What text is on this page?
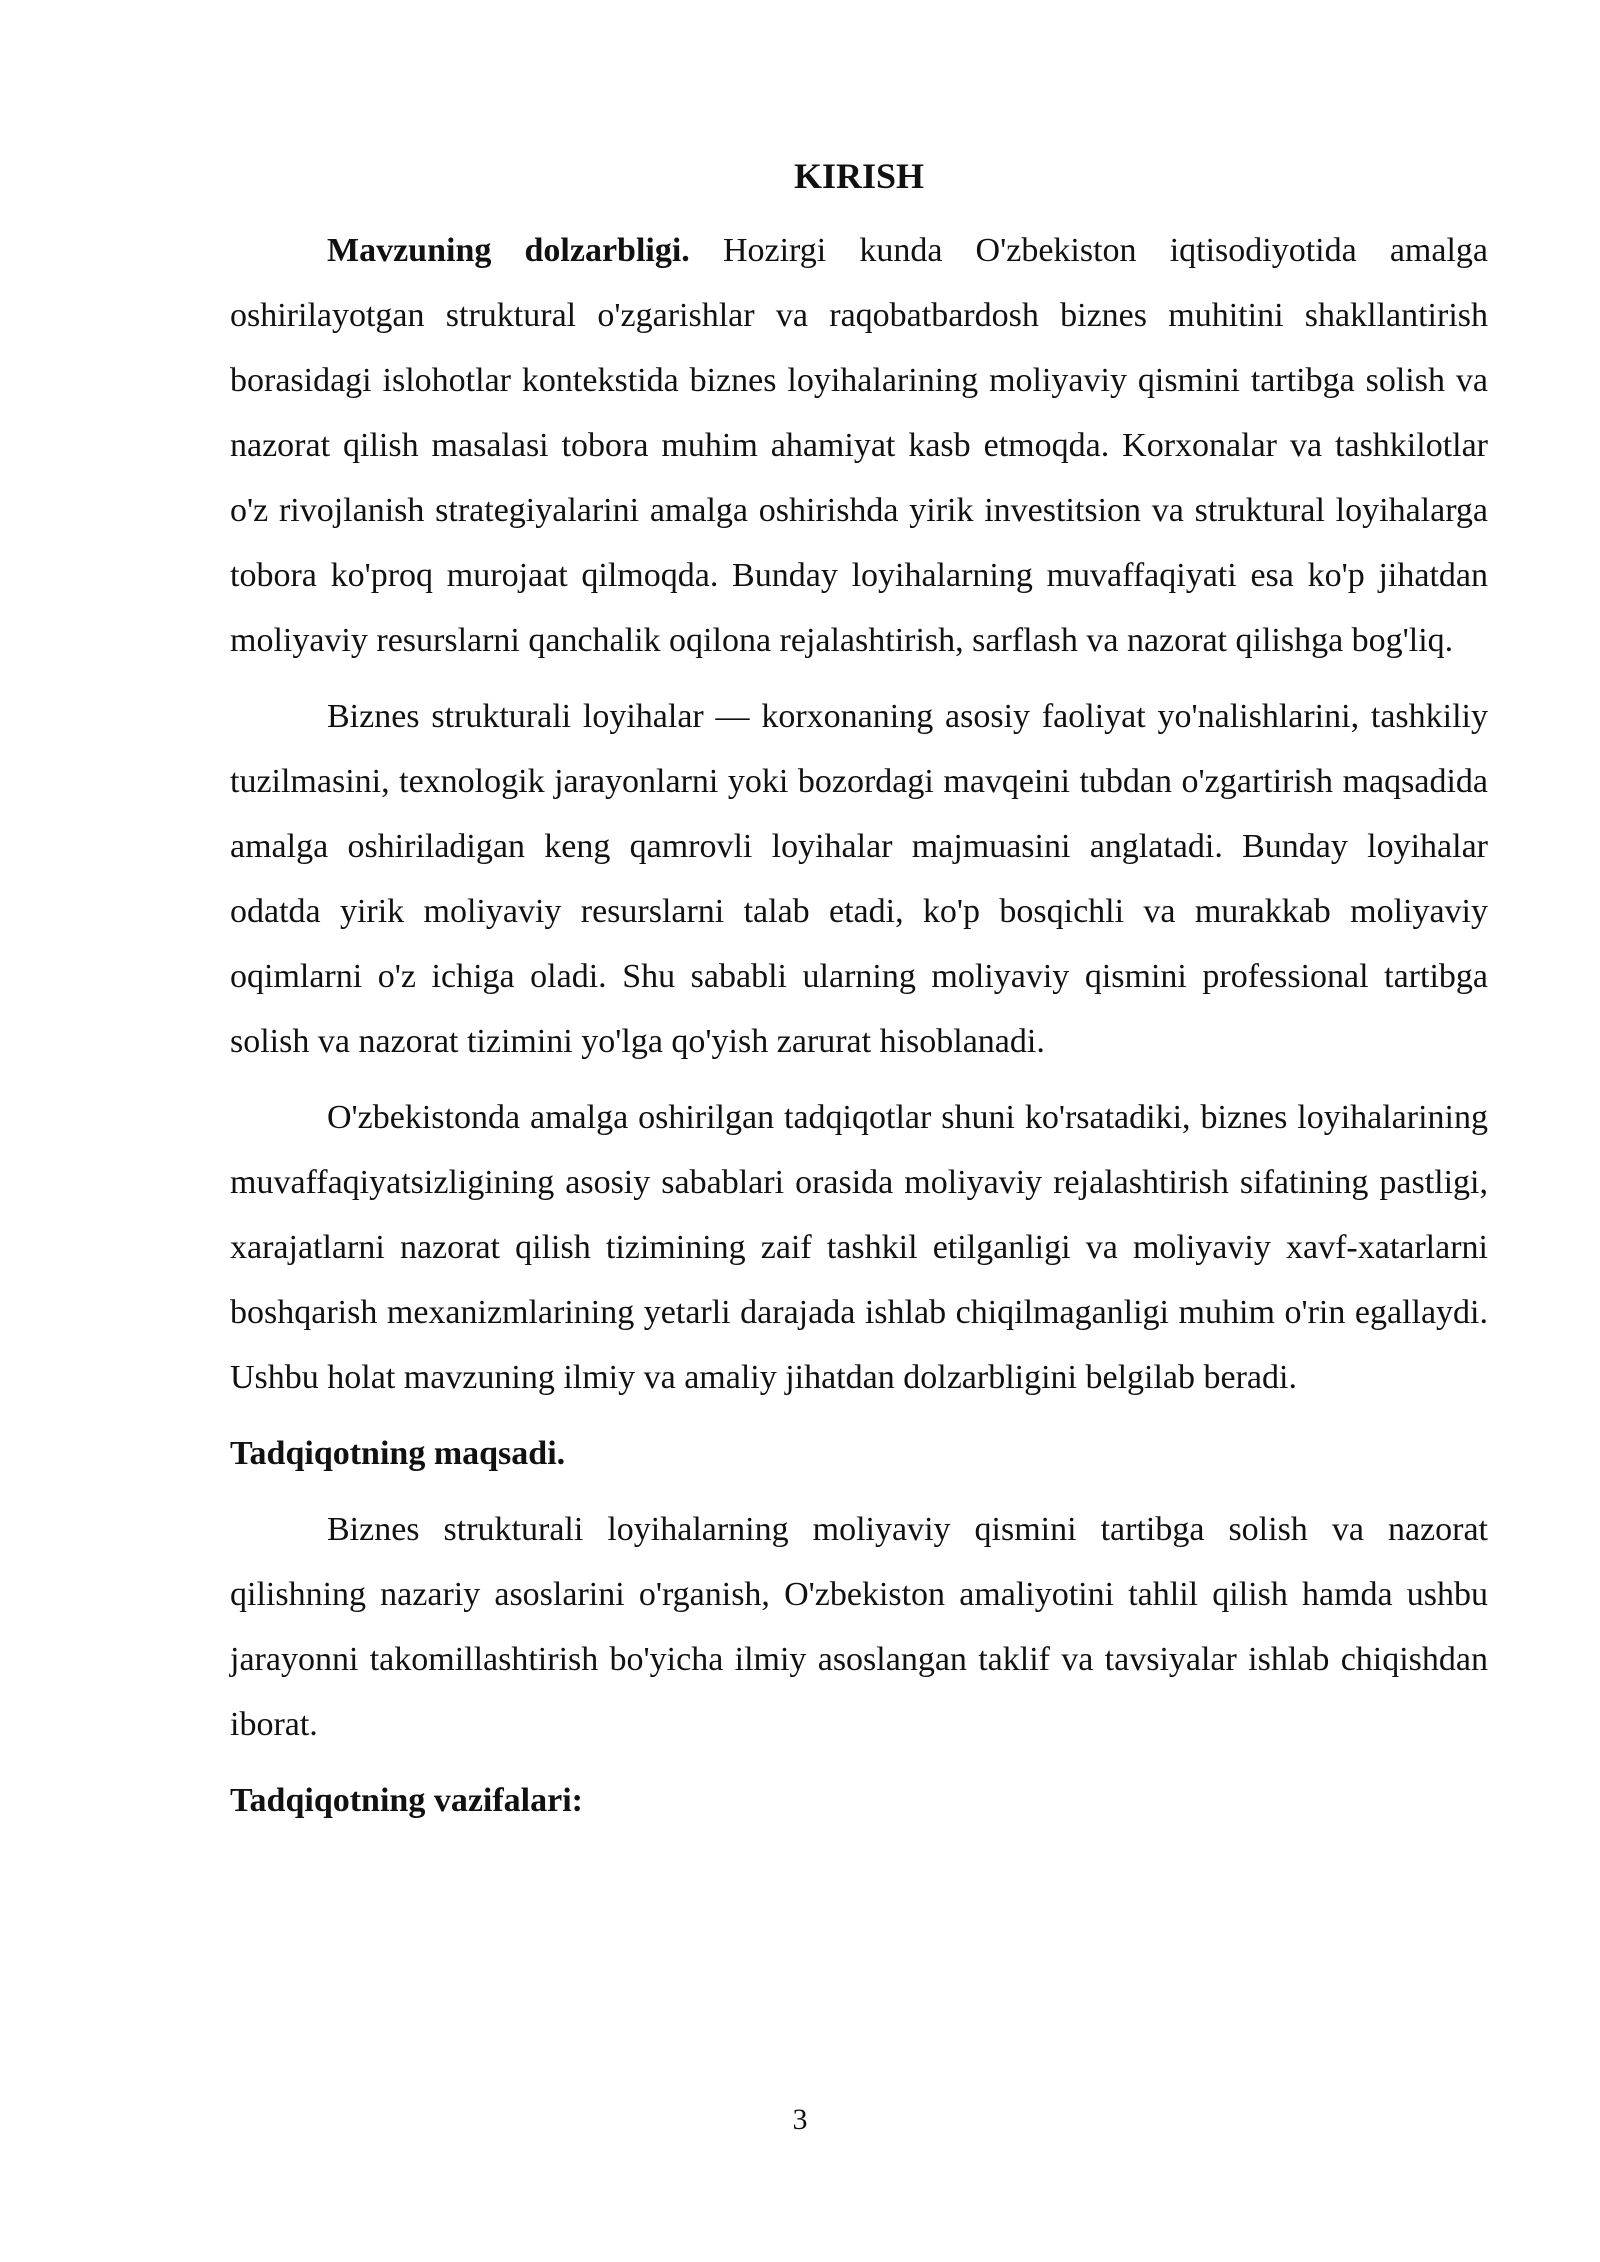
KIRISH

Mavzuning dolzarbligi. Hozirgi kunda O'zbekiston iqtisodiyotida amalga oshirilayotgan struktural o'zgarishlar va raqobatbardosh biznes muhitini shakllantirish borasidagi islohotlar kontekstida biznes loyihalarining moliyaviy qismini tartibga solish va nazorat qilish masalasi tobora muhim ahamiyat kasb etmoqda. Korxonalar va tashkilotlar o'z rivojlanish strategiyalarini amalga oshirishda yirik investitsion va struktural loyihalarga tobora ko'proq murojaat qilmoqda. Bunday loyihalarning muvaffaqiyati esa ko'p jihatdan moliyaviy resurslarni qanchalik oqilona rejalashtirish, sarflash va nazorat qilishga bog'liq.

Biznes strukturali loyihalar — korxonaning asosiy faoliyat yo'nalishlarini, tashkiliy tuzilmasini, texnologik jarayonlarni yoki bozordagi mavqeini tubdan o'zgartirish maqsadida amalga oshiriladigan keng qamrovli loyihalar majmuasini anglatadi. Bunday loyihalar odatda yirik moliyaviy resurslarni talab etadi, ko'p bosqichli va murakkab moliyaviy oqimlarni o'z ichiga oladi. Shu sababli ularning moliyaviy qismini professional tartibga solish va nazorat tizimini yo'lga qo'yish zarurat hisoblanadi.

O'zbekistonda amalga oshirilgan tadqiqotlar shuni ko'rsatadiki, biznes loyihalarining muvaffaqiyatsizligining asosiy sabablari orasida moliyaviy rejalashtirish sifatining pastligi, xarajatlarni nazorat qilish tizimining zaif tashkil etilganligi va moliyaviy xavf-xatarlarni boshqarish mexanizmlarining yetarli darajada ishlab chiqilmaganligi muhim o'rin egallaydi. Ushbu holat mavzuning ilmiy va amaliy jihatdan dolzarbligini belgilab beradi.

Tadqiqotning maqsadi.

Biznes strukturali loyihalarning moliyaviy qismini tartibga solish va nazorat qilishning nazariy asoslarini o'rganish, O'zbekiston amaliyotini tahlil qilish hamda ushbu jarayonni takomillashtirish bo'yicha ilmiy asoslangan taklif va tavsiyalar ishlab chiqishdan iborat.

Tadqiqotning vazifalari:
3
